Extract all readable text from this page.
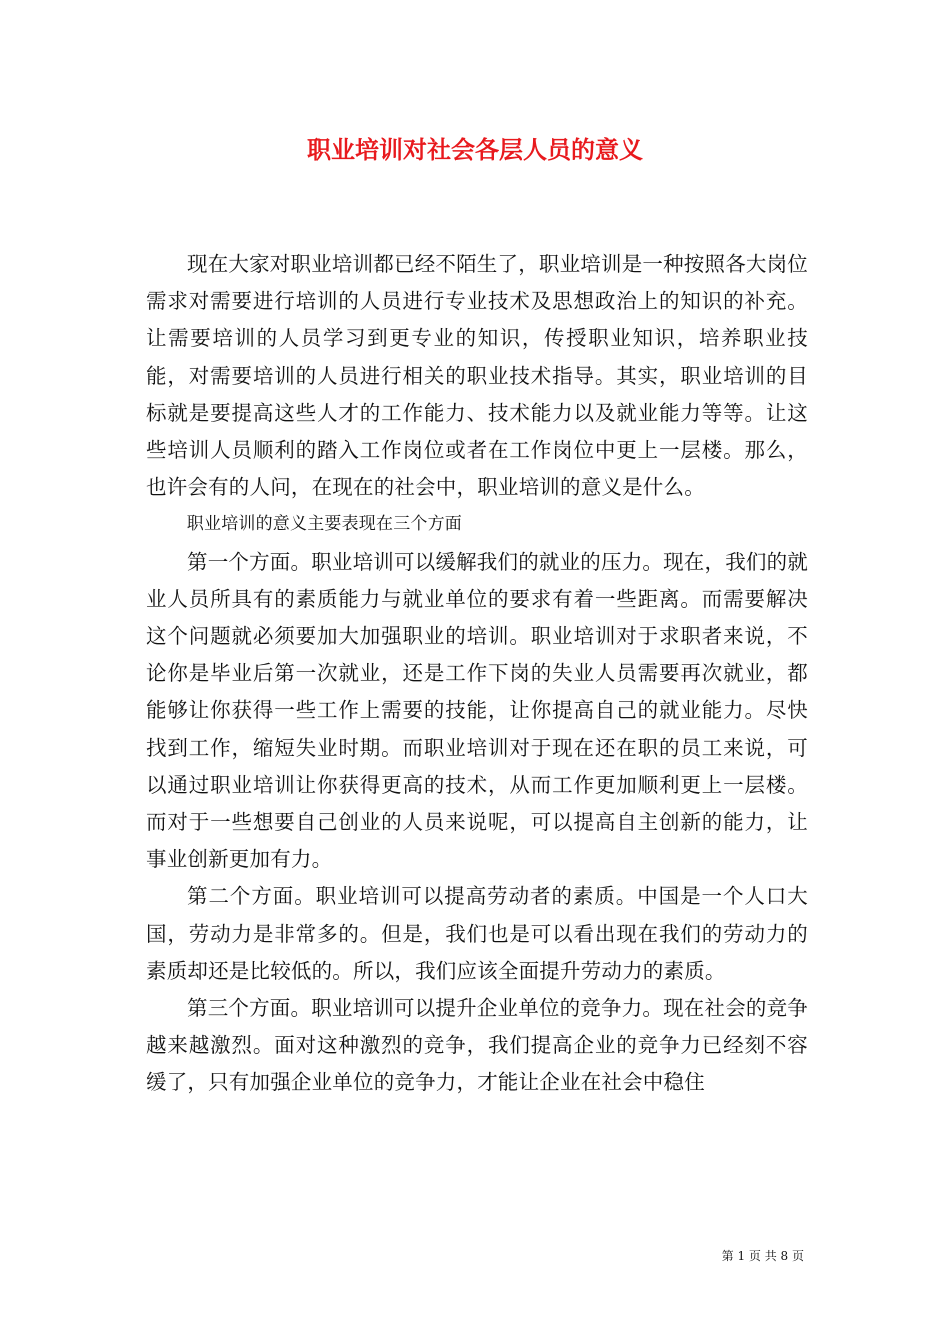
职业培训对社会各层人员的意义

现在大家对职业培训都已经不陌生了，职业培训是一种按照各大岗位需求对需要进行培训的人员进行专业技术及思想政治上的知识的补充。让需要培训的人员学习到更专业的知识，传授职业知识，培养职业技能，对需要培训的人员进行相关的职业技术指导。其实，职业培训的目标就是要提高这些人才的工作能力、技术能力以及就业能力等等。让这些培训人员顺利的踏入工作岗位或者在工作岗位中更上一层楼。那么，也许会有的人问，在现在的社会中，职业培训的意义是什么。

职业培训的意义主要表现在三个方面

第一个方面。职业培训可以缓解我们的就业的压力。现在，我们的就业人员所具有的素质能力与就业单位的要求有着一些距离。而需要解决这个问题就必须要加大加强职业的培训。职业培训对于求职者来说，不论你是毕业后第一次就业，还是工作下岗的失业人员需要再次就业，都能够让你获得一些工作上需要的技能，让你提高自己的就业能力。尽快找到工作，缩短失业时期。而职业培训对于现在还在职的员工来说，可以通过职业培训让你获得更高的技术，从而工作更加顺利更上一层楼。而对于一些想要自己创业的人员来说呢，可以提高自主创新的能力，让事业创新更加有力。

第二个方面。职业培训可以提高劳动者的素质。中国是一个人口大国，劳动力是非常多的。但是，我们也是可以看出现在我们的劳动力的素质却还是比较低的。所以，我们应该全面提升劳动力的素质。

第三个方面。职业培训可以提升企业单位的竞争力。现在社会的竞争越来越激烈。面对这种激烈的竞争，我们提高企业的竞争力已经刻不容缓了，只有加强企业单位的竞争力，才能让企业在社会中稳住

第 1 页 共 8 页
